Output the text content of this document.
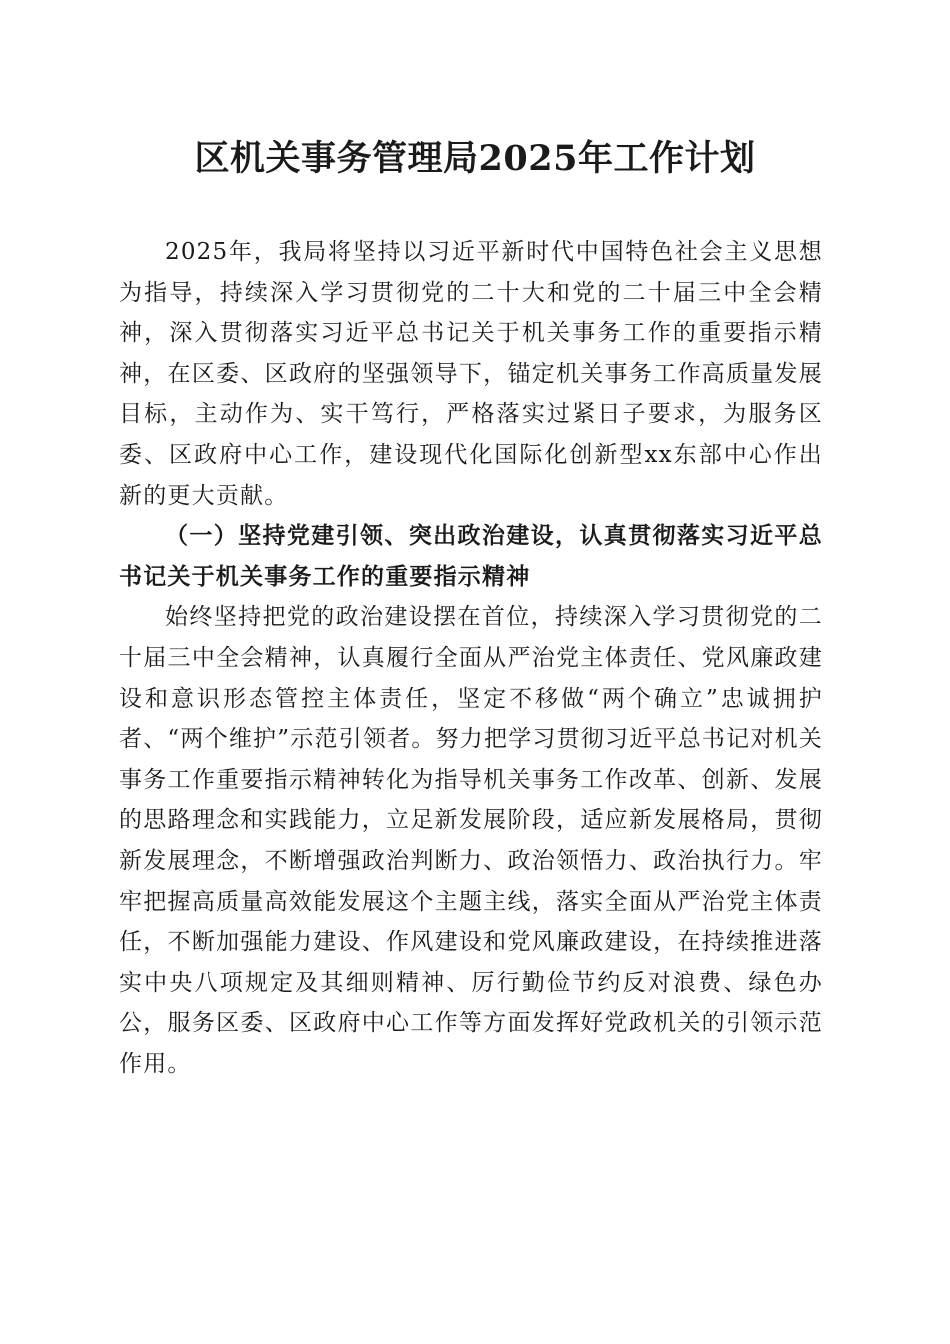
区机关事务管理局2025年工作计划

2025年，我局将坚持以习近平新时代中国特色社会主义思想为指导，持续深入学习贯彻党的二十大和党的二十届三中全会精神，深入贯彻落实习近平总书记关于机关事务工作的重要指示精神，在区委、区政府的坚强领导下，锚定机关事务工作高质量发展目标，主动作为、实干笃行，严格落实过紧日子要求，为服务区委、区政府中心工作，建设现代化国际化创新型xx东部中心作出新的更大贡献。

（一）坚持党建引领、突出政治建设，认真贯彻落实习近平总书记关于机关事务工作的重要指示精神

始终坚持把党的政治建设摆在首位，持续深入学习贯彻党的二十届三中全会精神，认真履行全面从严治党主体责任、党风廉政建设和意识形态管控主体责任，坚定不移做“两个确立”忠诚拥护者、“两个维护”示范引领者。努力把学习贯彻习近平总书记对机关事务工作重要指示精神转化为指导机关事务工作改革、创新、发展的思路理念和实践能力，立足新发展阶段，适应新发展格局，贯彻新发展理念，不断增强政治判断力、政治领悟力、政治执行力。牢牢把握高质量高效能发展这个主题主线，落实全面从严治党主体责任，不断加强能力建设、作风建设和党风廉政建设，在持续推进落实中央八项规定及其细则精神、厉行勤俭节约反对浪费、绿色办公，服务区委、区政府中心工作等方面发挥好党政机关的引领示范作用。
